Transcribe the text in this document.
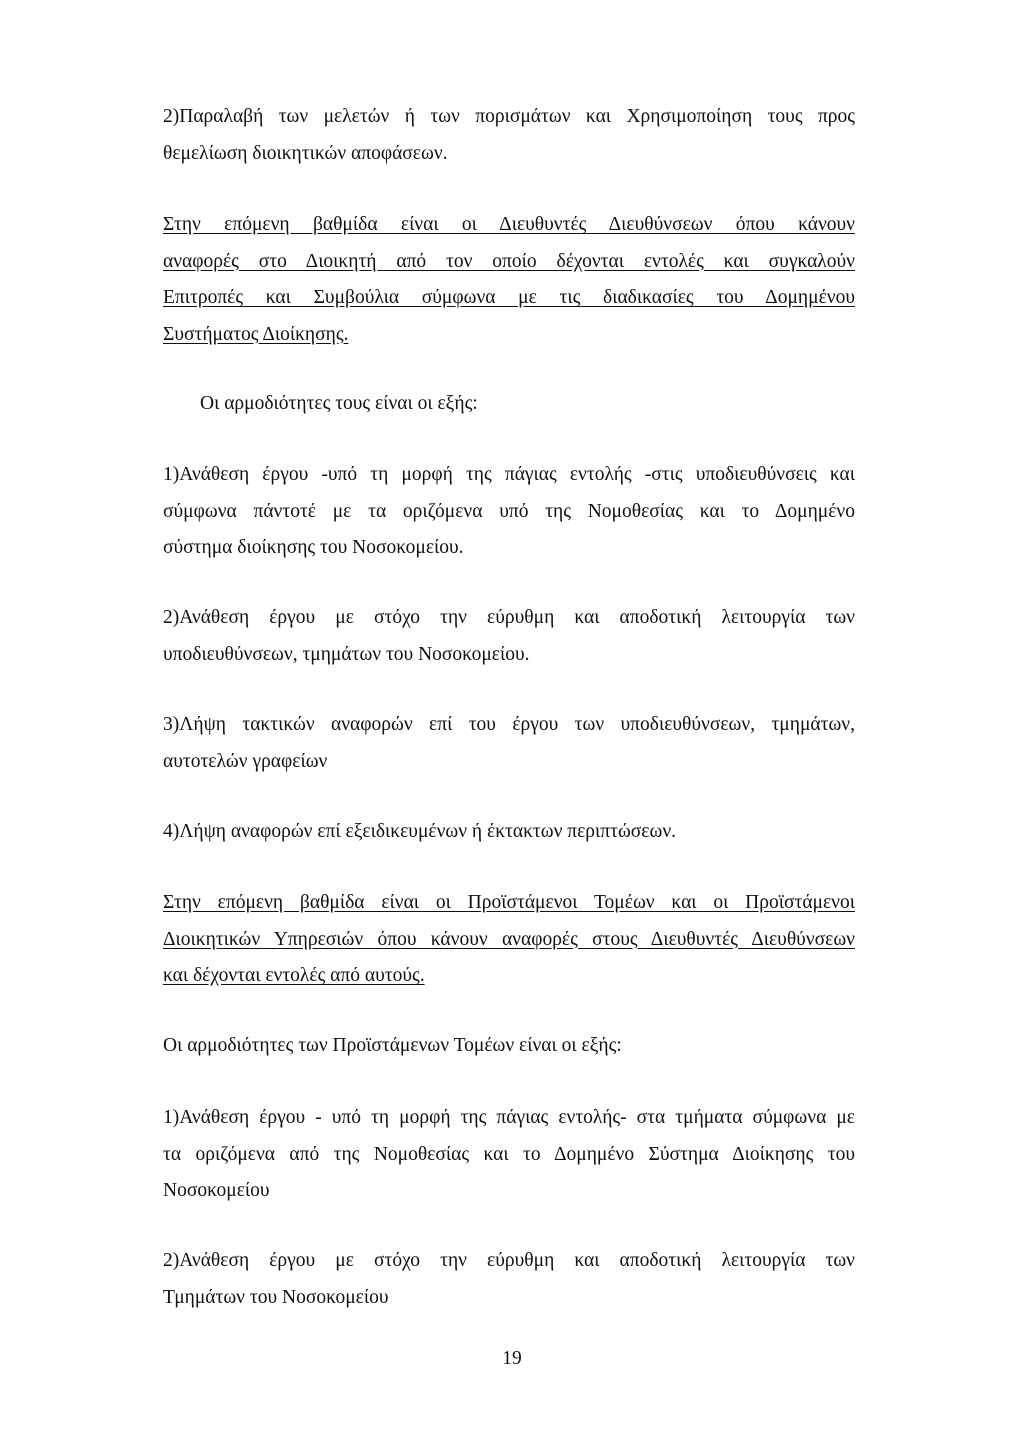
2)Παραλαβή των μελετών ή των πορισμάτων και Χρησιμοποίηση τους προς
θεμελίωση διοικητικών αποφάσεων.
Στην επόμενη βαθμίδα είναι οι Διευθυντές Διευθύνσεων όπου κάνουν
αναφορές στο Διοικητή από τον οποίο δέχονται εντολές και συγκαλούν
Επιτροπές και Συμβούλια σύμφωνα με τις διαδικασίες του Δομημένου
Συστήματος Διοίκησης.
Οι αρμοδιότητες τους είναι οι εξής:
1)Ανάθεση έργου -υπό τη μορφή της πάγιας εντολής -στις υποδιευθύνσεις και
σύμφωνα πάντοτέ με τα οριζόμενα υπό της Νομοθεσίας και το Δομημένο
σύστημα διοίκησης του Νοσοκομείου.
2)Ανάθεση έργου με στόχο την εύρυθμη και αποδοτική λειτουργία των
υποδιευθύνσεων, τμημάτων του Νοσοκομείου.
3)Λήψη τακτικών αναφορών επί του έργου των υποδιευθύνσεων, τμημάτων,
αυτοτελών γραφείων
4)Λήψη αναφορών επί εξειδικευμένων ή έκτακτων περιπτώσεων.
Στην επόμενη βαθμίδα είναι οι Προϊστάμενοι Τομέων και οι Προϊστάμενοι
Διοικητικών Υπηρεσιών όπου κάνουν αναφορές στους Διευθυντές Διευθύνσεων
και δέχονται εντολές από αυτούς.
Οι αρμοδιότητες των Προϊστάμενων Τομέων είναι οι εξής:
1)Ανάθεση έργου - υπό τη μορφή της πάγιας εντολής- στα τμήματα σύμφωνα με
τα οριζόμενα από της Νομοθεσίας και το Δομημένο Σύστημα Διοίκησης του
Νοσοκομείου
2)Ανάθεση έργου με στόχο την εύρυθμη και αποδοτική λειτουργία των
Τμημάτων του Νοσοκομείου
19
